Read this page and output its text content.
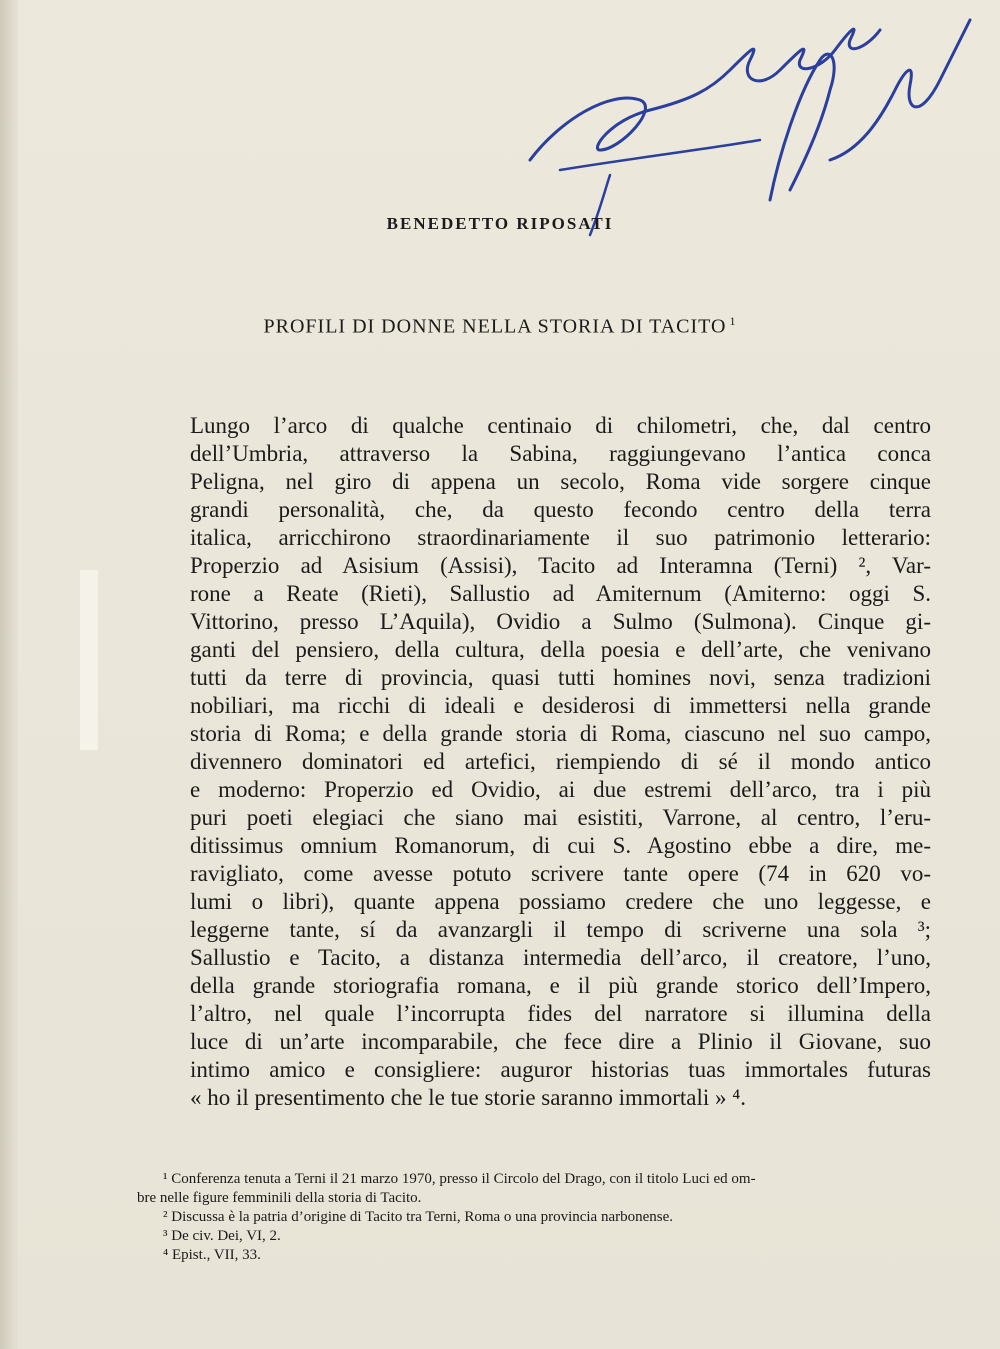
BENEDETTO RIPOSATI
PROFILI DI DONNE NELLA STORIA DI TACITO $^1$

Lungo l’arco di qualche centinaio di chilometri, che, dal centro
dell’Umbria, attraverso la Sabina, raggiungevano l’antica conca
Peligna, nel giro di appena un secolo, Roma vide sorgere cinque
grandi personalità, che, da questo fecondo centro della terra
italica, arricchirono straordinariamente il suo patrimonio letterario:
Properzio ad Asisium (Assisi), Tacito ad Interamna (Terni) ², Var-
rone a Reate (Rieti), Sallustio ad Amiternum (Amiterno: oggi S.
Vittorino, presso L’Aquila), Ovidio a Sulmo (Sulmona). Cinque gi-
ganti del pensiero, della cultura, della poesia e dell’arte, che venivano
tutti da terre di provincia, quasi tutti homines novi, senza tradizioni
nobiliari, ma ricchi di ideali e desiderosi di immettersi nella grande
storia di Roma; e della grande storia di Roma, ciascuno nel suo campo,
divennero dominatori ed artefici, riempiendo di sé il mondo antico
e moderno: Properzio ed Ovidio, ai due estremi dell’arco, tra i più
puri poeti elegiaci che siano mai esistiti, Varrone, al centro, l’eru-
ditissimus omnium Romanorum, di cui S. Agostino ebbe a dire, me-
ravigliato, come avesse potuto scrivere tante opere (74 in 620 vo-
lumi o libri), quante appena possiamo credere che uno leggesse, e
leggerne tante, sí da avanzargli il tempo di scriverne una sola ³;
Sallustio e Tacito, a distanza intermedia dell’arco, il creatore, l’uno,
della grande storiografia romana, e il più grande storico dell’Impero,
l’altro, nel quale l’incorrupta fides del narratore si illumina della
luce di un’arte incomparabile, che fece dire a Plinio il Giovane, suo
intimo amico e consigliere: auguror historias tuas immortales futuras
« ho il presentimento che le tue storie saranno immortali » ⁴.

¹ Conferenza tenuta a Terni il 21 marzo 1970, presso il Circolo del Drago, con il titolo Luci ed om-
bre nelle figure femminili della storia di Tacito.
² Discussa è la patria d’origine di Tacito tra Terni, Roma o una provincia narbonense.
³ De civ. Dei, VI, 2.
⁴ Epist., VII, 33.
